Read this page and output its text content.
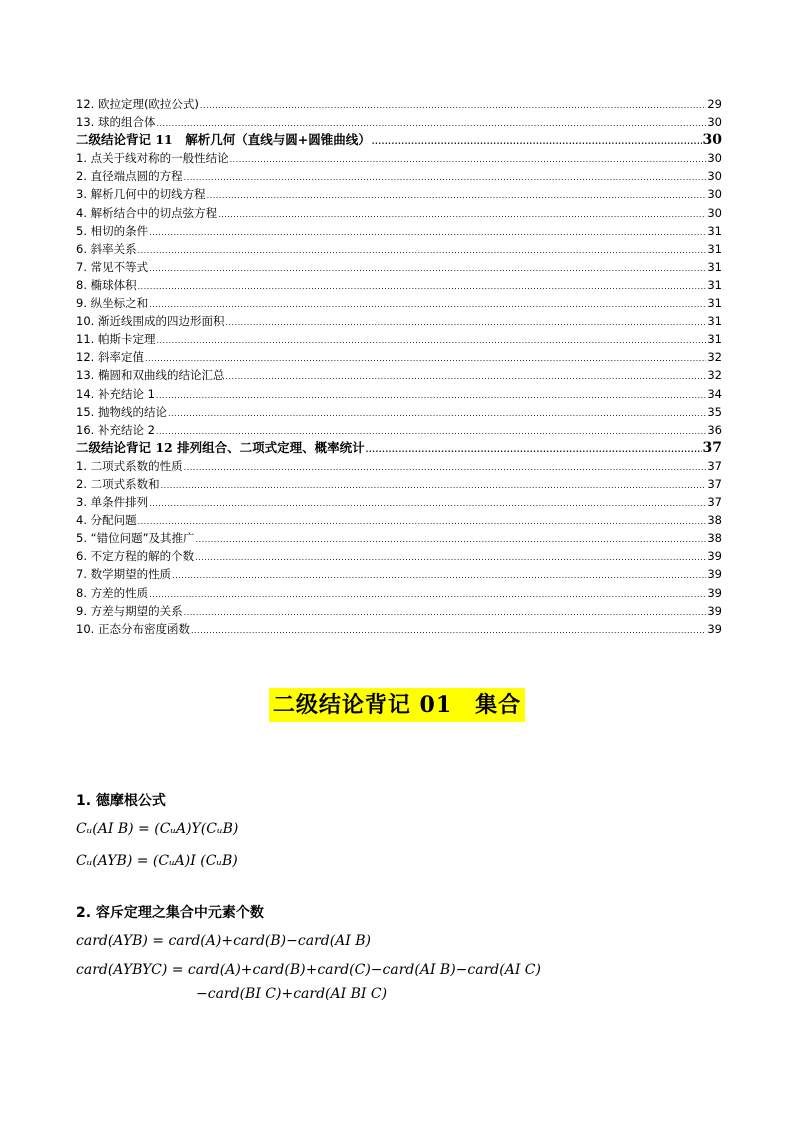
12. 欧拉定理(欧拉公式) .....	29
13. 球的组合体 .....	30
二级结论背记 11　解析几何（直线与圆+圆锥曲线） .....	30
1. 点关于线对称的一般性结论 .....	30
2. 直径端点圆的方程 .....	30
3. 解析几何中的切线方程 .....	30
4. 解析结合中的切点弦方程 .....	30
5. 相切的条件 .....	31
6. 斜率关系 .....	31
7. 常见不等式 .....	31
8. 椭球体积 .....	31
9. 纵坐标之和 .....	31
10. 渐近线围成的四边形面积 .....	31
11. 帕斯卡定理 .....	31
12. 斜率定值 .....	32
13. 椭圆和双曲线的结论汇总 .....	32
14. 补充结论 1 .....	34
15. 抛物线的结论 .....	35
16. 补充结论 2 .....	36
二级结论背记 12 排列组合、二项式定理、概率统计 .....	37
1. 二项式系数的性质 .....	37
2. 二项式系数和 .....	37
3. 单条件排列 .....	37
4. 分配问题 .....	38
5. “错位问题”及其推广 .....	38
6. 不定方程的解的个数 .....	39
7. 数学期望的性质 .....	39
8. 方差的性质 .....	39
9. 方差与期望的关系 .....	39
10. 正态分布密度函数 .....	39
二级结论背记 01　集合
1. 德摩根公式
Cᵤ(AI B) = (CᵤA)Y(CᵤB)
Cᵤ(AYB) = (CᵤA)I (CᵤB)
2. 容斥定理之集合中元素个数
card(AYB) = card(A)+card(B)−card(AI B)
card(AYBYC) = card(A)+card(B)+card(C)−card(AI B)−card(AI C)
−card(BI C)+card(AI BI C)
